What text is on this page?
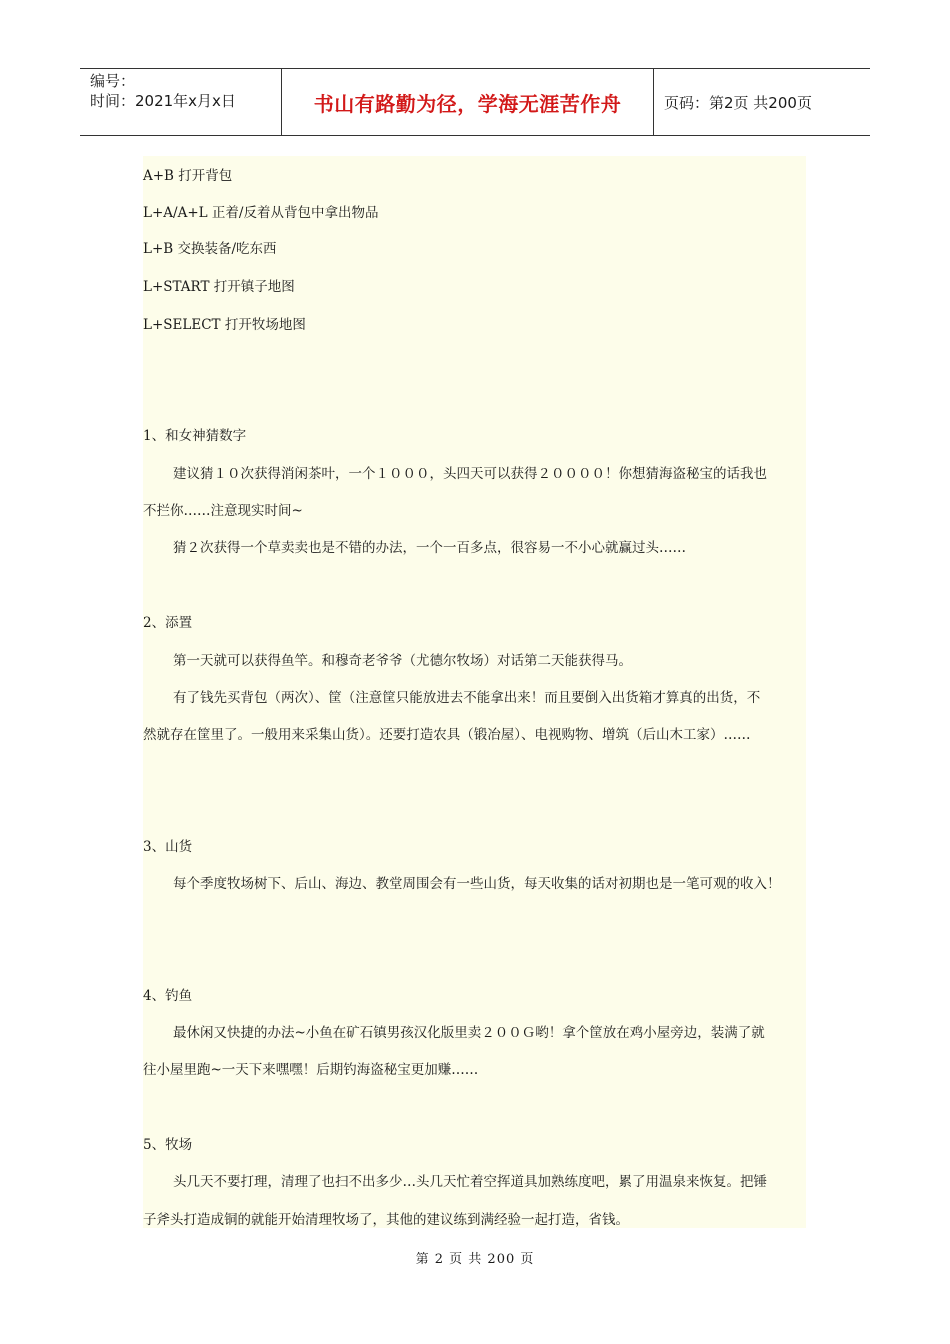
编号：
时间：2021年x月x日	书山有路勤为径，学海无涯苦作舟	页码：第2页 共200页
A+B 打开背包
L+A/A+L 正着/反着从背包中拿出物品
L+B 交换装备/吃东西
L+START 打开镇子地图
L+SELECT 打开牧场地图
1、和女神猜数字
建议猜１０次获得消闲茶叶，一个１０００，头四天可以获得２００００！你想猜海盗秘宝的话我也
不拦你……注意现实时间~
猜２次获得一个草卖卖也是不错的办法，一个一百多点，很容易一不小心就赢过头……
2、添置
第一天就可以获得鱼竿。和穆奇老爷爷（尤德尔牧场）对话第二天能获得马。
有了钱先买背包（两次）、筐（注意筐只能放进去不能拿出来！而且要倒入出货箱才算真的出货，不
然就存在筐里了。一般用来采集山货）。还要打造农具（锻冶屋）、电视购物、增筑（后山木工家）……
3、山货
每个季度牧场树下、后山、海边、教堂周围会有一些山货，每天收集的话对初期也是一笔可观的收入！
4、钓鱼
最休闲又快捷的办法~小鱼在矿石镇男孩汉化版里卖２００Ｇ哟！拿个筐放在鸡小屋旁边，装满了就
往小屋里跑~一天下来嘿嘿！后期钓海盗秘宝更加赚……
5、牧场
头几天不要打理，清理了也扫不出多少…头几天忙着空挥道具加熟练度吧，累了用温泉来恢复。把锤
子斧头打造成铜的就能开始清理牧场了，其他的建议练到满经验一起打造，省钱。
第 2 页 共 200 页
